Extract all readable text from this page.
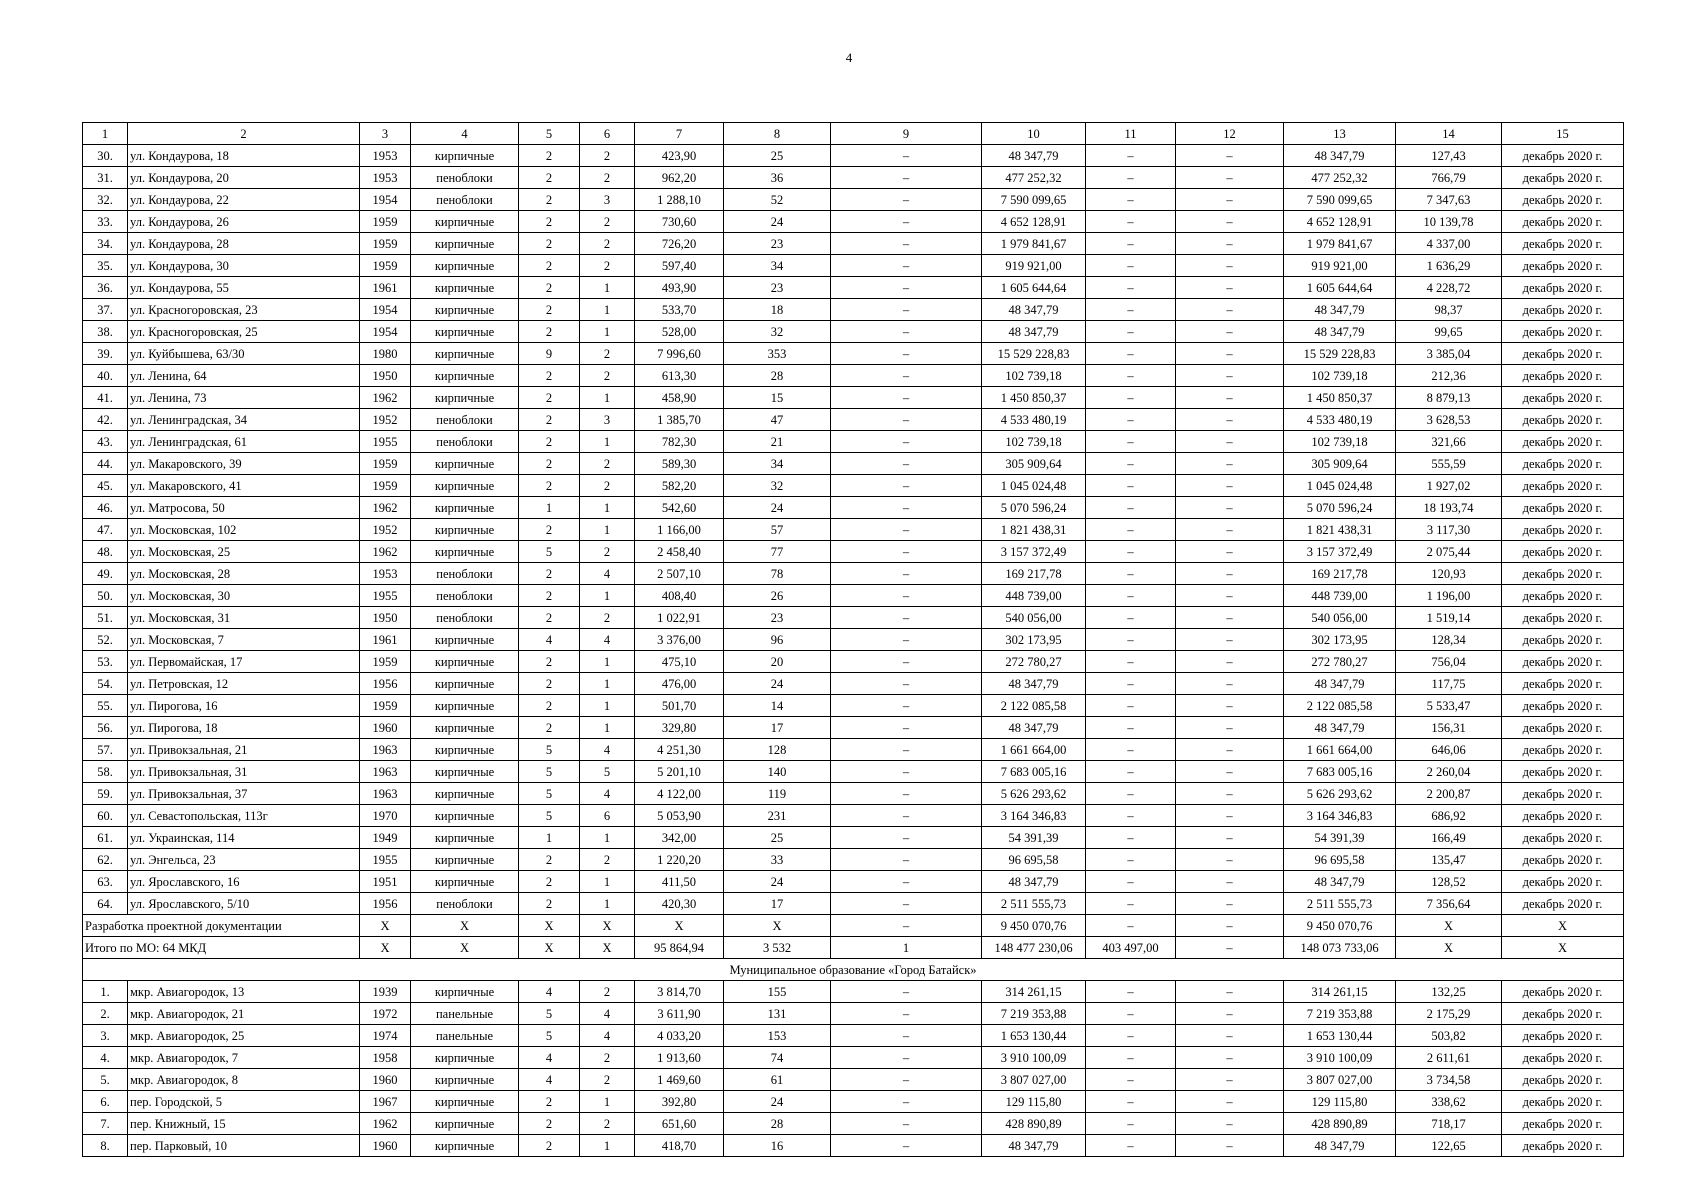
4
1	2	3	4	5	6	7	8	9	10	11	12	13	14	15
30.	ул. Кондаурова, 18	1953	кирпичные	2	2	423,90	25	–	48 347,79	–	–	48 347,79	127,43	декабрь 2020 г.
31.	ул. Кондаурова, 20	1953	пеноблоки	2	2	962,20	36	–	477 252,32	–	–	477 252,32	766,79	декабрь 2020 г.
32.	ул. Кондаурова, 22	1954	пеноблоки	2	3	1 288,10	52	–	7 590 099,65	–	–	7 590 099,65	7 347,63	декабрь 2020 г.
33.	ул. Кондаурова, 26	1959	кирпичные	2	2	730,60	24	–	4 652 128,91	–	–	4 652 128,91	10 139,78	декабрь 2020 г.
34.	ул. Кондаурова, 28	1959	кирпичные	2	2	726,20	23	–	1 979 841,67	–	–	1 979 841,67	4 337,00	декабрь 2020 г.
35.	ул. Кондаурова, 30	1959	кирпичные	2	2	597,40	34	–	919 921,00	–	–	919 921,00	1 636,29	декабрь 2020 г.
36.	ул. Кондаурова, 55	1961	кирпичные	2	1	493,90	23	–	1 605 644,64	–	–	1 605 644,64	4 228,72	декабрь 2020 г.
37.	ул. Красногоровская, 23	1954	кирпичные	2	1	533,70	18	–	48 347,79	–	–	48 347,79	98,37	декабрь 2020 г.
38.	ул. Красногоровская, 25	1954	кирпичные	2	1	528,00	32	–	48 347,79	–	–	48 347,79	99,65	декабрь 2020 г.
39.	ул. Куйбышева, 63/30	1980	кирпичные	9	2	7 996,60	353	–	15 529 228,83	–	–	15 529 228,83	3 385,04	декабрь 2020 г.
40.	ул. Ленина, 64	1950	кирпичные	2	2	613,30	28	–	102 739,18	–	–	102 739,18	212,36	декабрь 2020 г.
41.	ул. Ленина, 73	1962	кирпичные	2	1	458,90	15	–	1 450 850,37	–	–	1 450 850,37	8 879,13	декабрь 2020 г.
42.	ул. Ленинградская, 34	1952	пеноблоки	2	3	1 385,70	47	–	4 533 480,19	–	–	4 533 480,19	3 628,53	декабрь 2020 г.
43.	ул. Ленинградская, 61	1955	пеноблоки	2	1	782,30	21	–	102 739,18	–	–	102 739,18	321,66	декабрь 2020 г.
44.	ул. Макаровского, 39	1959	кирпичные	2	2	589,30	34	–	305 909,64	–	–	305 909,64	555,59	декабрь 2020 г.
45.	ул. Макаровского, 41	1959	кирпичные	2	2	582,20	32	–	1 045 024,48	–	–	1 045 024,48	1 927,02	декабрь 2020 г.
46.	ул. Матросова, 50	1962	кирпичные	1	1	542,60	24	–	5 070 596,24	–	–	5 070 596,24	18 193,74	декабрь 2020 г.
47.	ул. Московская, 102	1952	кирпичные	2	1	1 166,00	57	–	1 821 438,31	–	–	1 821 438,31	3 117,30	декабрь 2020 г.
48.	ул. Московская, 25	1962	кирпичные	5	2	2 458,40	77	–	3 157 372,49	–	–	3 157 372,49	2 075,44	декабрь 2020 г.
49.	ул. Московская, 28	1953	пеноблоки	2	4	2 507,10	78	–	169 217,78	–	–	169 217,78	120,93	декабрь 2020 г.
50.	ул. Московская, 30	1955	пеноблоки	2	1	408,40	26	–	448 739,00	–	–	448 739,00	1 196,00	декабрь 2020 г.
51.	ул. Московская, 31	1950	пеноблоки	2	2	1 022,91	23	–	540 056,00	–	–	540 056,00	1 519,14	декабрь 2020 г.
52.	ул. Московская, 7	1961	кирпичные	4	4	3 376,00	96	–	302 173,95	–	–	302 173,95	128,34	декабрь 2020 г.
53.	ул. Первомайская, 17	1959	кирпичные	2	1	475,10	20	–	272 780,27	–	–	272 780,27	756,04	декабрь 2020 г.
54.	ул. Петровская, 12	1956	кирпичные	2	1	476,00	24	–	48 347,79	–	–	48 347,79	117,75	декабрь 2020 г.
55.	ул. Пирогова, 16	1959	кирпичные	2	1	501,70	14	–	2 122 085,58	–	–	2 122 085,58	5 533,47	декабрь 2020 г.
56.	ул. Пирогова, 18	1960	кирпичные	2	1	329,80	17	–	48 347,79	–	–	48 347,79	156,31	декабрь 2020 г.
57.	ул. Привокзальная, 21	1963	кирпичные	5	4	4 251,30	128	–	1 661 664,00	–	–	1 661 664,00	646,06	декабрь 2020 г.
58.	ул. Привокзальная, 31	1963	кирпичные	5	5	5 201,10	140	–	7 683 005,16	–	–	7 683 005,16	2 260,04	декабрь 2020 г.
59.	ул. Привокзальная, 37	1963	кирпичные	5	4	4 122,00	119	–	5 626 293,62	–	–	5 626 293,62	2 200,87	декабрь 2020 г.
60.	ул. Севастопольская, 113г	1970	кирпичные	5	6	5 053,90	231	–	3 164 346,83	–	–	3 164 346,83	686,92	декабрь 2020 г.
61.	ул. Украинская, 114	1949	кирпичные	1	1	342,00	25	–	54 391,39	–	–	54 391,39	166,49	декабрь 2020 г.
62.	ул. Энгельса, 23	1955	кирпичные	2	2	1 220,20	33	–	96 695,58	–	–	96 695,58	135,47	декабрь 2020 г.
63.	ул. Ярославского, 16	1951	кирпичные	2	1	411,50	24	–	48 347,79	–	–	48 347,79	128,52	декабрь 2020 г.
64.	ул. Ярославского, 5/10	1956	пеноблоки	2	1	420,30	17	–	2 511 555,73	–	–	2 511 555,73	7 356,64	декабрь 2020 г.
Разработка проектной документации		X	X	X	X	X	X	–	9 450 070,76	–	–	9 450 070,76	X	X
Итого по МО: 64 МКД		X	X	X	X	95 864,94	3 532	1	148 477 230,06	403 497,00	–	148 073 733,06	X	X
Муниципальное образование «Город Батайск»														
1.	мкр. Авиагородок, 13	1939	кирпичные	4	2	3 814,70	155	–	314 261,15	–	–	314 261,15	132,25	декабрь 2020 г.
2.	мкр. Авиагородок, 21	1972	панельные	5	4	3 611,90	131	–	7 219 353,88	–	–	7 219 353,88	2 175,29	декабрь 2020 г.
3.	мкр. Авиагородок, 25	1974	панельные	5	4	4 033,20	153	–	1 653 130,44	–	–	1 653 130,44	503,82	декабрь 2020 г.
4.	мкр. Авиагородок, 7	1958	кирпичные	4	2	1 913,60	74	–	3 910 100,09	–	–	3 910 100,09	2 611,61	декабрь 2020 г.
5.	мкр. Авиагородок, 8	1960	кирпичные	4	2	1 469,60	61	–	3 807 027,00	–	–	3 807 027,00	3 734,58	декабрь 2020 г.
6.	пер. Городской, 5	1967	кирпичные	2	1	392,80	24	–	129 115,80	–	–	129 115,80	338,62	декабрь 2020 г.
7.	пер. Книжный, 15	1962	кирпичные	2	2	651,60	28	–	428 890,89	–	–	428 890,89	718,17	декабрь 2020 г.
8.	пер. Парковый, 10	1960	кирпичные	2	1	418,70	16	–	48 347,79	–	–	48 347,79	122,65	декабрь 2020 г.
